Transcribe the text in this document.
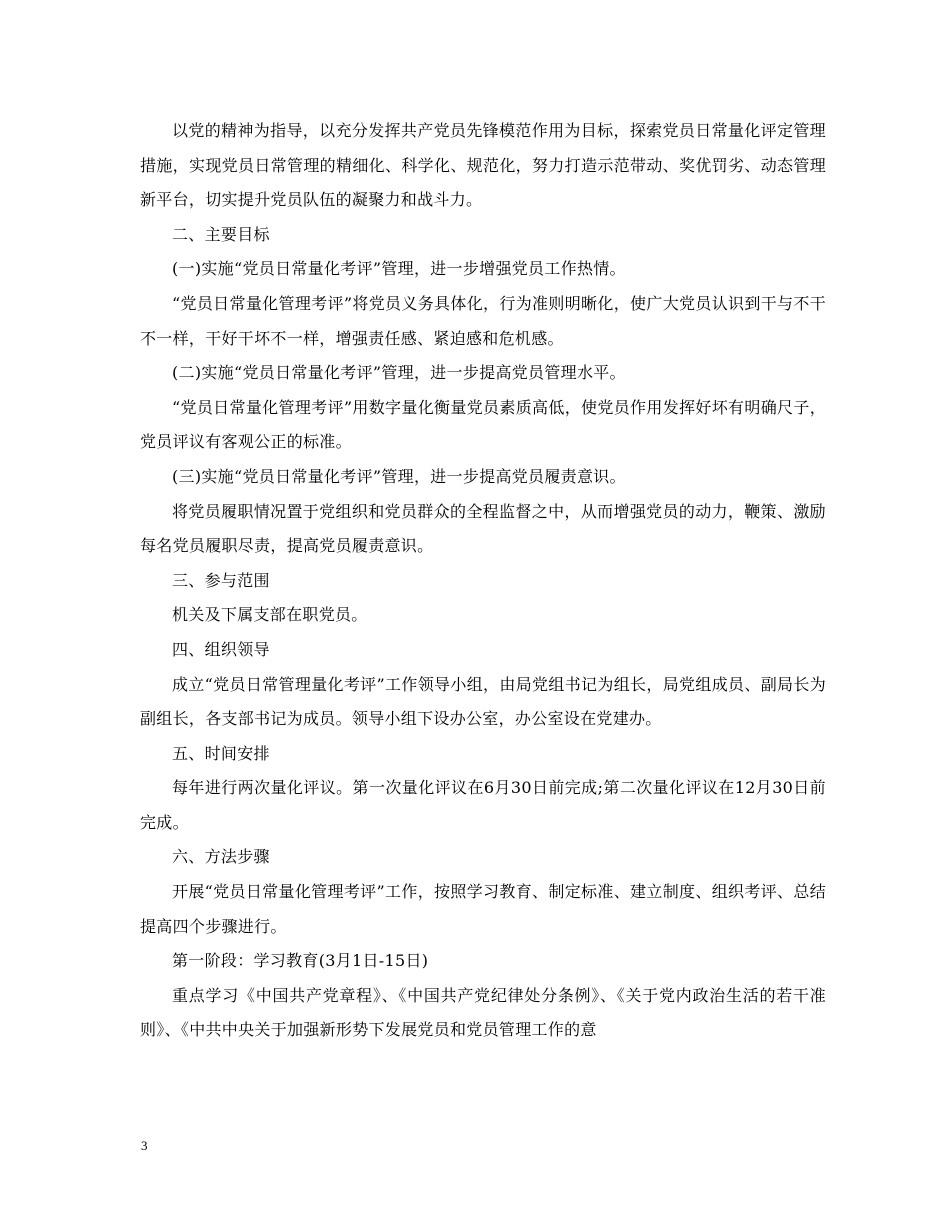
以党的精神为指导，以充分发挥共产党员先锋模范作用为目标，探索党员日常量化评定管理措施，实现党员日常管理的精细化、科学化、规范化，努力打造示范带动、奖优罚劣、动态管理新平台，切实提升党员队伍的凝聚力和战斗力。

二、主要目标

(一)实施“党员日常量化考评”管理，进一步增强党员工作热情。

“党员日常量化管理考评”将党员义务具体化，行为准则明晰化，使广大党员认识到干与不干不一样，干好干坏不一样，增强责任感、紧迫感和危机感。

(二)实施“党员日常量化考评”管理，进一步提高党员管理水平。

“党员日常量化管理考评”用数字量化衡量党员素质高低，使党员作用发挥好坏有明确尺子，党员评议有客观公正的标准。

(三)实施“党员日常量化考评”管理，进一步提高党员履责意识。

将党员履职情况置于党组织和党员群众的全程监督之中，从而增强党员的动力，鞭策、激励每名党员履职尽责，提高党员履责意识。

三、参与范围

机关及下属支部在职党员。

四、组织领导

成立“党员日常管理量化考评”工作领导小组，由局党组书记为组长，局党组成员、副局长为副组长，各支部书记为成员。领导小组下设办公室，办公室设在党建办。

五、时间安排

每年进行两次量化评议。第一次量化评议在6月30日前完成;第二次量化评议在12月30日前完成。

六、方法步骤

开展“党员日常量化管理考评”工作，按照学习教育、制定标准、建立制度、组织考评、总结提高四个步骤进行。

第一阶段：学习教育(3月1日-15日)

重点学习《中国共产党章程》、《中国共产党纪律处分条例》、《关于党内政治生活的若干准则》、《中共中央关于加强新形势下发展党员和党员管理工作的意

3
